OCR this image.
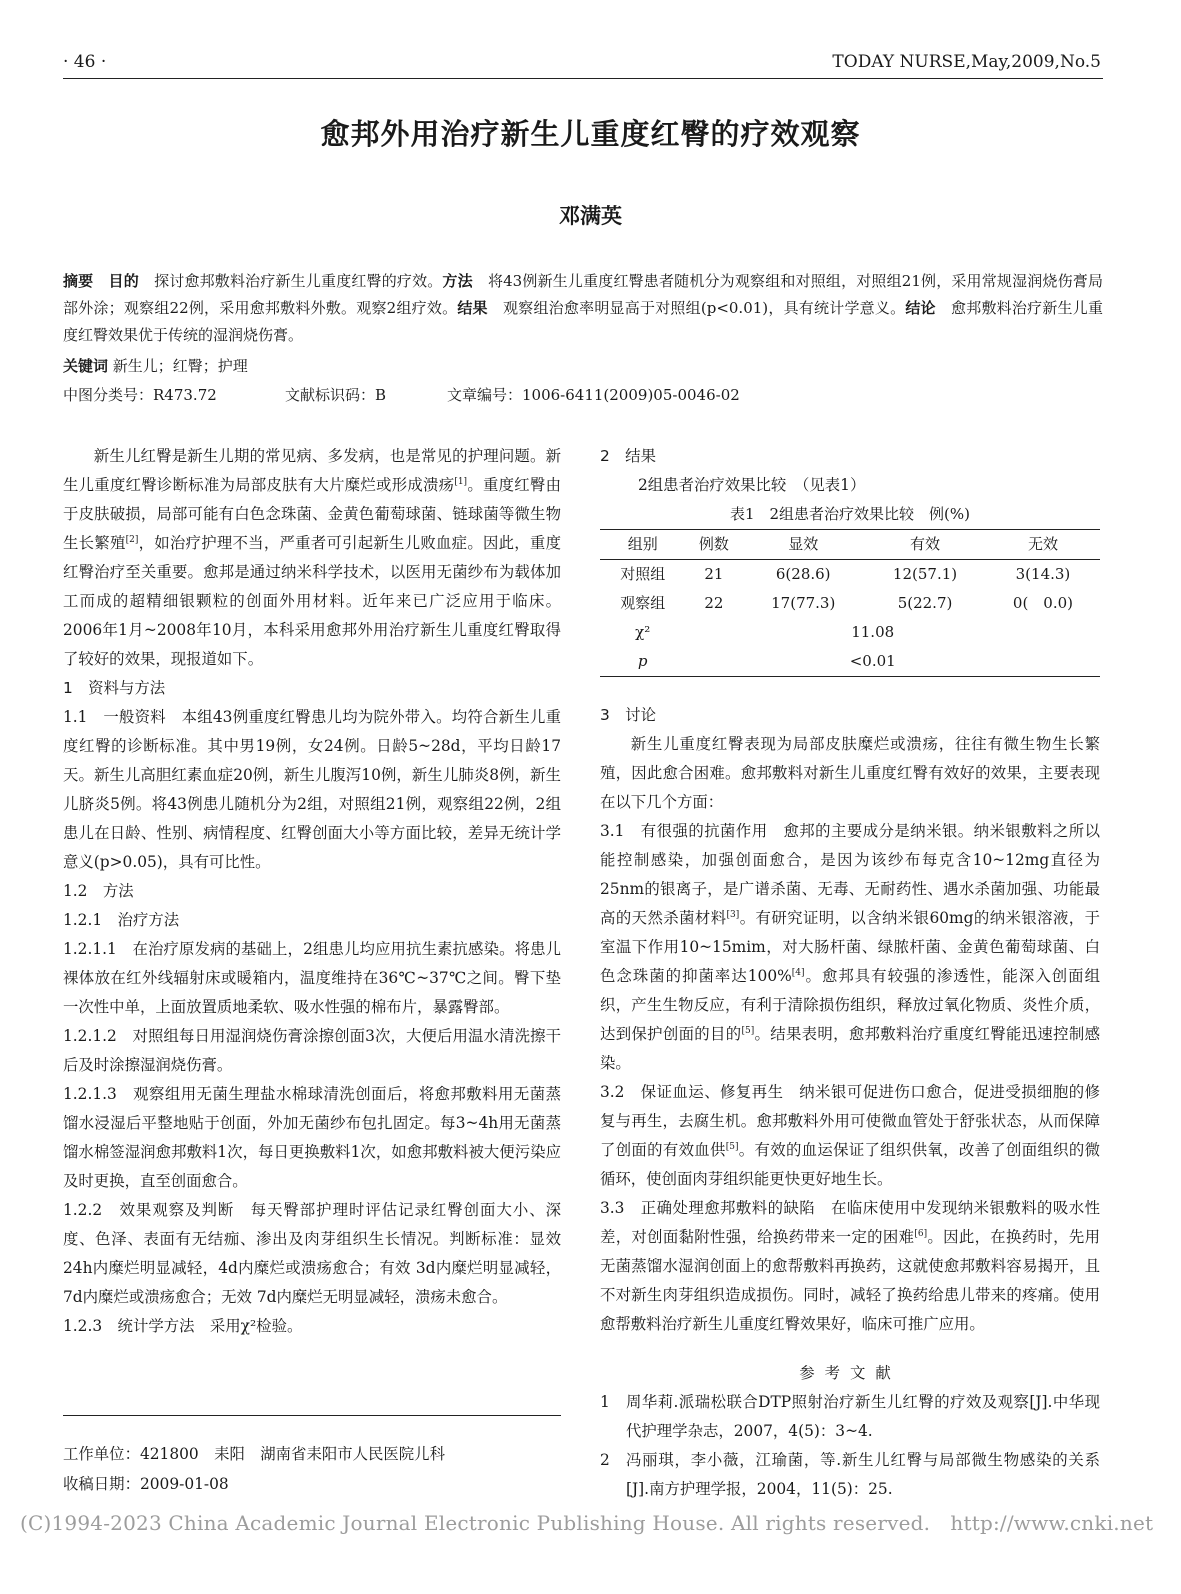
· 46 ·	TODAY NURSE,May,2009,No.5
愈邦外用治疗新生儿重度红臀的疗效观察
邓满英
摘要　 目的　 探讨愈邦敷料治疗新生儿重度红臀的疗效。方法　 将43例新生儿重度红臀患者随机分为观察组和对照组，对照组21例，采用常规湿润烧伤膏局部外涂；观察组22例，采用愈邦敷料外敷。观察2组疗效。结果　 观察组治愈率明显高于对照组(p<0.01)，具有统计学意义。结论　 愈邦敷料治疗新生儿重度红臀效果优于传统的湿润烧伤膏。
关键词 新生儿；红臀；护理
中图分类号：R473.72	文献标识码：B	文章编号：1006-6411(2009)05-0046-02

新生儿红臀是新生儿期的常见病、多发病，也是常见的护理问题。新生儿重度红臀诊断标准为局部皮肤有大片糜烂或形成溃疡[1]。重度红臀由于皮肤破损，局部可能有白色念珠菌、金黄色葡萄球菌、链球菌等微生物生长繁殖[2]，如治疗护理不当，严重者可引起新生儿败血症。因此，重度红臀治疗至关重要。愈邦是通过纳米科学技术，以医用无菌纱布为载体加工而成的超精细银颗粒的创面外用材料。近年来已广泛应用于临床。2006年1月~2008年10月，本科采用愈邦外用治疗新生儿重度红臀取得了较好的效果，现报道如下。

1　资料与方法

1.1　一般资料　本组43例重度红臀患儿均为院外带入。均符合新生儿重度红臀的诊断标准。其中男19例，女24例。日龄5~28d，平均日龄17天。新生儿高胆红素血症20例，新生儿腹泻10例，新生儿肺炎8例，新生儿脐炎5例。将43例患儿随机分为2组，对照组21例，观察组22例，2组患儿在日龄、性别、病情程度、红臀创面大小等方面比较，差异无统计学意义(p>0.05)，具有可比性。

1.2　方法

1.2.1　治疗方法

1.2.1.1　在治疗原发病的基础上，2组患儿均应用抗生素抗感染。将患儿裸体放在红外线辐射床或暖箱内，温度维持在36℃~37℃之间。臀下垫一次性中单，上面放置质地柔软、吸水性强的棉布片，暴露臀部。

1.2.1.2　对照组每日用湿润烧伤膏涂擦创面3次，大便后用温水清洗擦干后及时涂擦湿润烧伤膏。

1.2.1.3　观察组用无菌生理盐水棉球清洗创面后，将愈邦敷料用无菌蒸馏水浸湿后平整地贴于创面，外加无菌纱布包扎固定。每3~4h用无菌蒸馏水棉签湿润愈邦敷料1次，每日更换敷料1次，如愈邦敷料被大便污染应及时更换，直至创面愈合。

1.2.2　效果观察及判断　每天臀部护理时评估记录红臀创面大小、深度、色泽、表面有无结痂、渗出及肉芽组织生长情况。判断标准：显效 24h内糜烂明显减轻，4d内糜烂或溃疡愈合；有效 3d内糜烂明显减轻，7d内糜烂或溃疡愈合；无效 7d内糜烂无明显减轻，溃疡未愈合。

1.2.3　统计学方法　采用χ²检验。

工作单位：421800　耒阳　湖南省耒阳市人民医院儿科
收稿日期：2009-01-08

2　结果

2组患者治疗效果比较　（见表1）

表1　2组患者治疗效果比较　例(%)
组别	例数	显效	有效	无效
对照组	21	6(28.6)	12(57.1)	3(14.3)
观察组	22	17(77.3)	5(22.7)	0(　0.0)
χ²	11.08			
p	<0.01			

3　讨论

新生儿重度红臀表现为局部皮肤糜烂或溃疡，往往有微生物生长繁殖，因此愈合困难。愈邦敷料对新生儿重度红臀有效好的效果，主要表现在以下几个方面：

3.1　有很强的抗菌作用　愈邦的主要成分是纳米银。纳米银敷料之所以能控制感染，加强创面愈合，是因为该纱布每克含10~12mg直径为25nm的银离子，是广谱杀菌、无毒、无耐药性、遇水杀菌加强、功能最高的天然杀菌材料[3]。有研究证明，以含纳米银60mg的纳米银溶液，于室温下作用10~15mim，对大肠杆菌、绿脓杆菌、金黄色葡萄球菌、白色念珠菌的抑菌率达100%[4]。愈邦具有较强的渗透性，能深入创面组织，产生生物反应，有利于清除损伤组织，释放过氧化物质、炎性介质，达到保护创面的目的[5]。结果表明，愈邦敷料治疗重度红臀能迅速控制感染。

3.2　保证血运、修复再生　纳米银可促进伤口愈合，促进受损细胞的修复与再生，去腐生机。愈邦敷料外用可使微血管处于舒张状态，从而保障了创面的有效血供[5]。有效的血运保证了组织供氧，改善了创面组织的微循环，使创面肉芽组织能更快更好地生长。

3.3　正确处理愈邦敷料的缺陷　在临床使用中发现纳米银敷料的吸水性差，对创面黏附性强，给换药带来一定的困难[6]。因此，在换药时，先用无菌蒸馏水湿润创面上的愈帮敷料再换药，这就使愈邦敷料容易揭开，且不对新生肉芽组织造成损伤。同时，减轻了换药给患儿带来的疼痛。使用愈帮敷料治疗新生儿重度红臀效果好，临床可推广应用。

参考文献

1	周华莉.派瑞松联合DTP照射治疗新生儿红臀的疗效及观察[J].中华现代护理学杂志，2007，4(5)：3~4.
2	冯丽琪，李小薇，江瑜菌，等.新生儿红臀与局部微生物感染的关系[J].南方护理学报，2004，11(5)：25.
(C)1994-2023 China Academic Journal Electronic Publishing House. All rights reserved.　http://www.cnki.net
